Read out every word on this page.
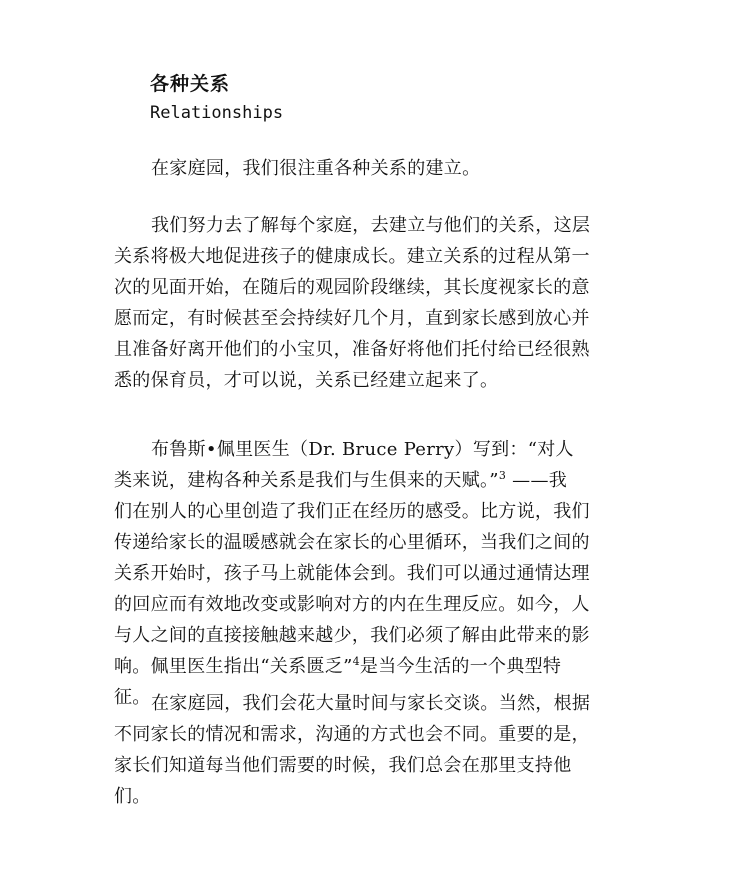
各种关系
Relationships
在家庭园，我们很注重各种关系的建立。
我们努力去了解每个家庭，去建立与他们的关系，这层
关系将极大地促进孩子的健康成长。建立关系的过程从第一
次的见面开始，在随后的观园阶段继续，其长度视家长的意
愿而定，有时候甚至会持续好几个月，直到家长感到放心并
且准备好离开他们的小宝贝，准备好将他们托付给已经很熟
悉的保育员，才可以说，关系已经建立起来了。
布鲁斯•佩里医生（Dr. Bruce Perry）写到：“对人
类来说，建构各种关系是我们与生俱来的天赋。”$^3$ ——我
们在别人的心里创造了我们正在经历的感受。比方说，我们
传递给家长的温暖感就会在家长的心里循环，当我们之间的
关系开始时，孩子马上就能体会到。我们可以通过通情达理
的回应而有效地改变或影响对方的内在生理反应。如今，人
与人之间的直接接触越来越少，我们必须了解由此带来的影
响。佩里医生指出“关系匮乏”$^4$是当今生活的一个典型特
征。 在家庭园，我们会花大量时间与家长交谈。当然，根据
不同家长的情况和需求，沟通的方式也会不同。重要的是，
家长们知道每当他们需要的时候，我们总会在那里支持他
们。
